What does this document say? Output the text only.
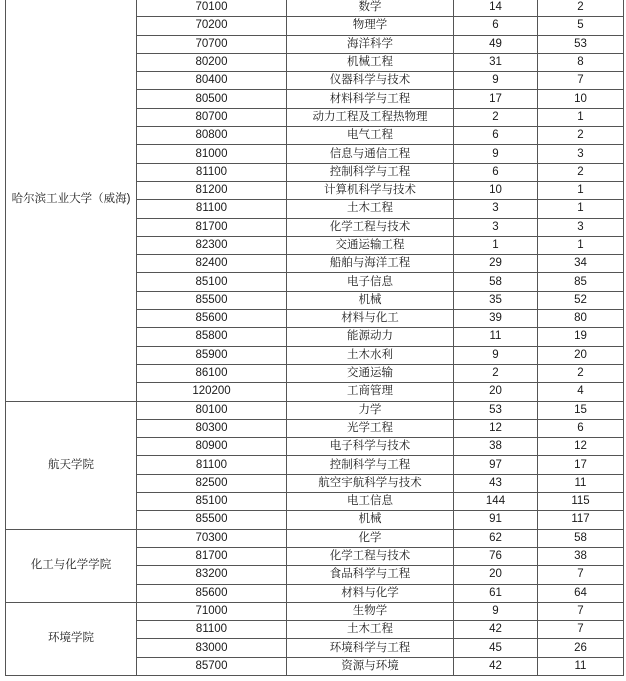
哈尔滨工业大学（威海)	70100	数学	14	2
	70200	物理学	6	5
	70700	海洋科学	49	53
	80200	机械工程	31	8
	80400	仪器科学与技术	9	7
	80500	材料科学与工程	17	10
	80700	动力工程及工程热物理	2	1
	80800	电气工程	6	2
	81000	信息与通信工程	9	3
	81100	控制科学与工程	6	2
	81200	计算机科学与技术	10	1
	81100	土木工程	3	1
	81700	化学工程与技术	3	3
	82300	交通运输工程	1	1
	82400	船舶与海洋工程	29	34
	85100	电子信息	58	85
	85500	机械	35	52
	85600	材料与化工	39	80
	85800	能源动力	11	19
	85900	土木水利	9	20
	86100	交通运输	2	2
	120200	工商管理	20	4
航天学院	80100	力学	53	15
	80300	光学工程	12	6
	80900	电子科学与技术	38	12
	81100	控制科学与工程	97	17
	82500	航空宇航科学与技术	43	11
	85100	电工信息	144	115
	85500	机械	91	117
化工与化学学院	70300	化学	62	58
	81700	化学工程与技术	76	38
	83200	食品科学与工程	20	7
	85600	材料与化学	61	64
环境学院	71000	生物学	9	7
	81100	土木工程	42	7
	83000	环境科学与工程	45	26
	85700	资源与环境	42	11
